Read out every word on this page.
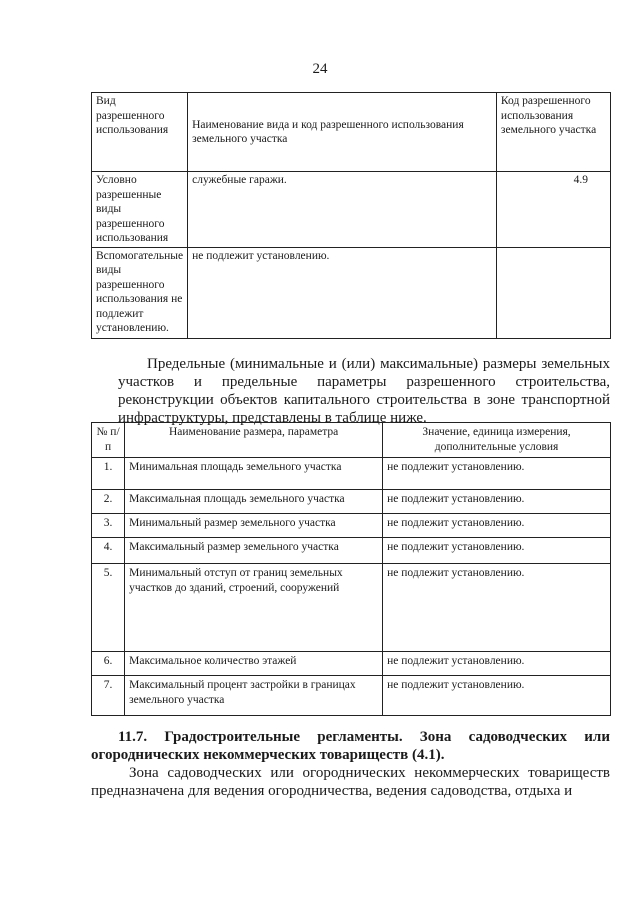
24
Вид разрешенного использования	Наименование вида и код разрешенного использования земельного участка	Код разрешенного использования земельного участка
Условно разрешенные виды разрешенного использования	служебные гаражи.	4.9
Вспомогательные виды разрешенного использования не подлежит установлению.	не подлежит установлению.	
Предельные (минимальные и (или) максимальные) размеры земельных участков и предельные параметры разрешенного строительства, реконструкции объектов капитального строительства в зоне транспортной инфраструктуры, представлены в таблице ниже.
№ п/п	Наименование размера, параметра	Значение, единица измерения, дополнительные условия
1.	Минимальная площадь земельного участка	не подлежит установлению.
2.	Максимальная площадь земельного участка	не подлежит установлению.
3.	Минимальный размер земельного участка	не подлежит установлению.
4.	Максимальный размер земельного участка	не подлежит установлению.
5.	Минимальный отступ от границ земельных участков до зданий, строений, сооружений	не подлежит установлению.
6.	Максимальное количество этажей	не подлежит установлению.
7.	Максимальный процент застройки в границах земельного участка	не подлежит установлению.
11.7. Градостроительные регламенты. Зона садоводческих или огороднических некоммерческих товариществ (4.1).
Зона садоводческих или огороднических некоммерческих товариществ предназначена для ведения огородничества, ведения садоводства, отдыха и
